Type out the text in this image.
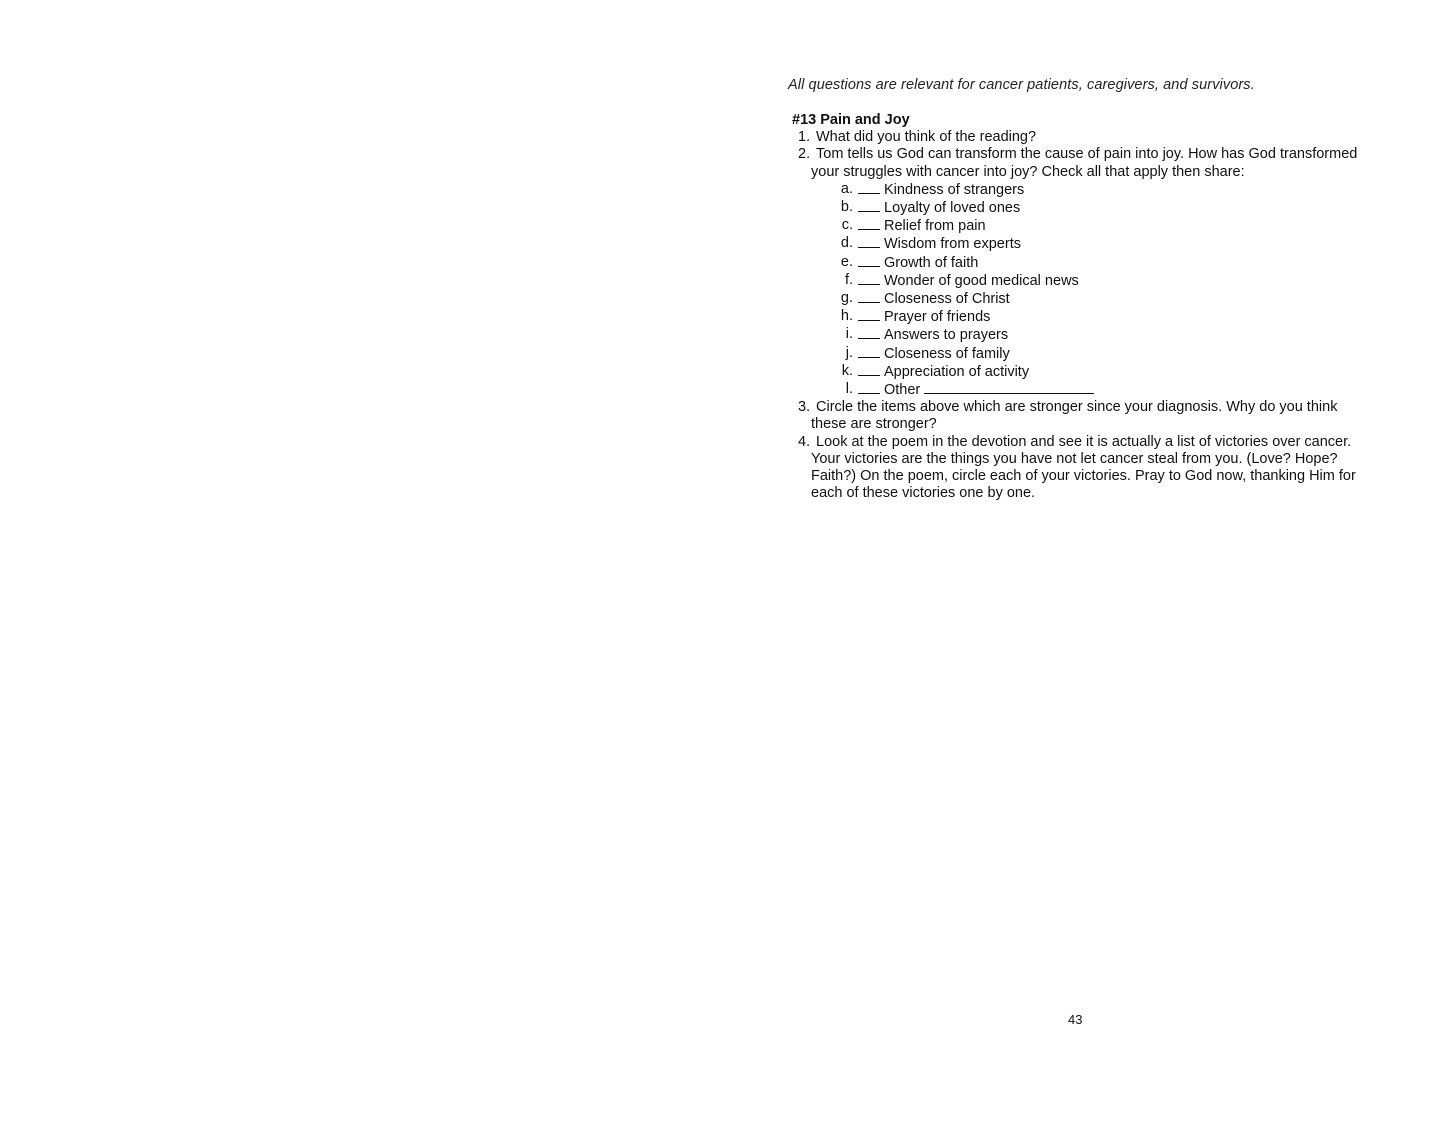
All questions are relevant for cancer patients, caregivers, and survivors.
#13 Pain and Joy
1. What did you think of the reading?
2. Tom tells us God can transform the cause of pain into joy. How has God transformed your struggles with cancer into joy? Check all that apply then share:
a. Kindness of strangers
b. Loyalty of loved ones
c. Relief from pain
d. Wisdom from experts
e. Growth of faith
f. Wonder of good medical news
g. Closeness of Christ
h. Prayer of friends
i. Answers to prayers
j. Closeness of family
k. Appreciation of activity
l. Other
3. Circle the items above which are stronger since your diagnosis. Why do you think these are stronger?
4. Look at the poem in the devotion and see it is actually a list of victories over cancer. Your victories are the things you have not let cancer steal from you. (Love? Hope? Faith?) On the poem, circle each of your victories. Pray to God now, thanking Him for each of these victories one by one.
43
